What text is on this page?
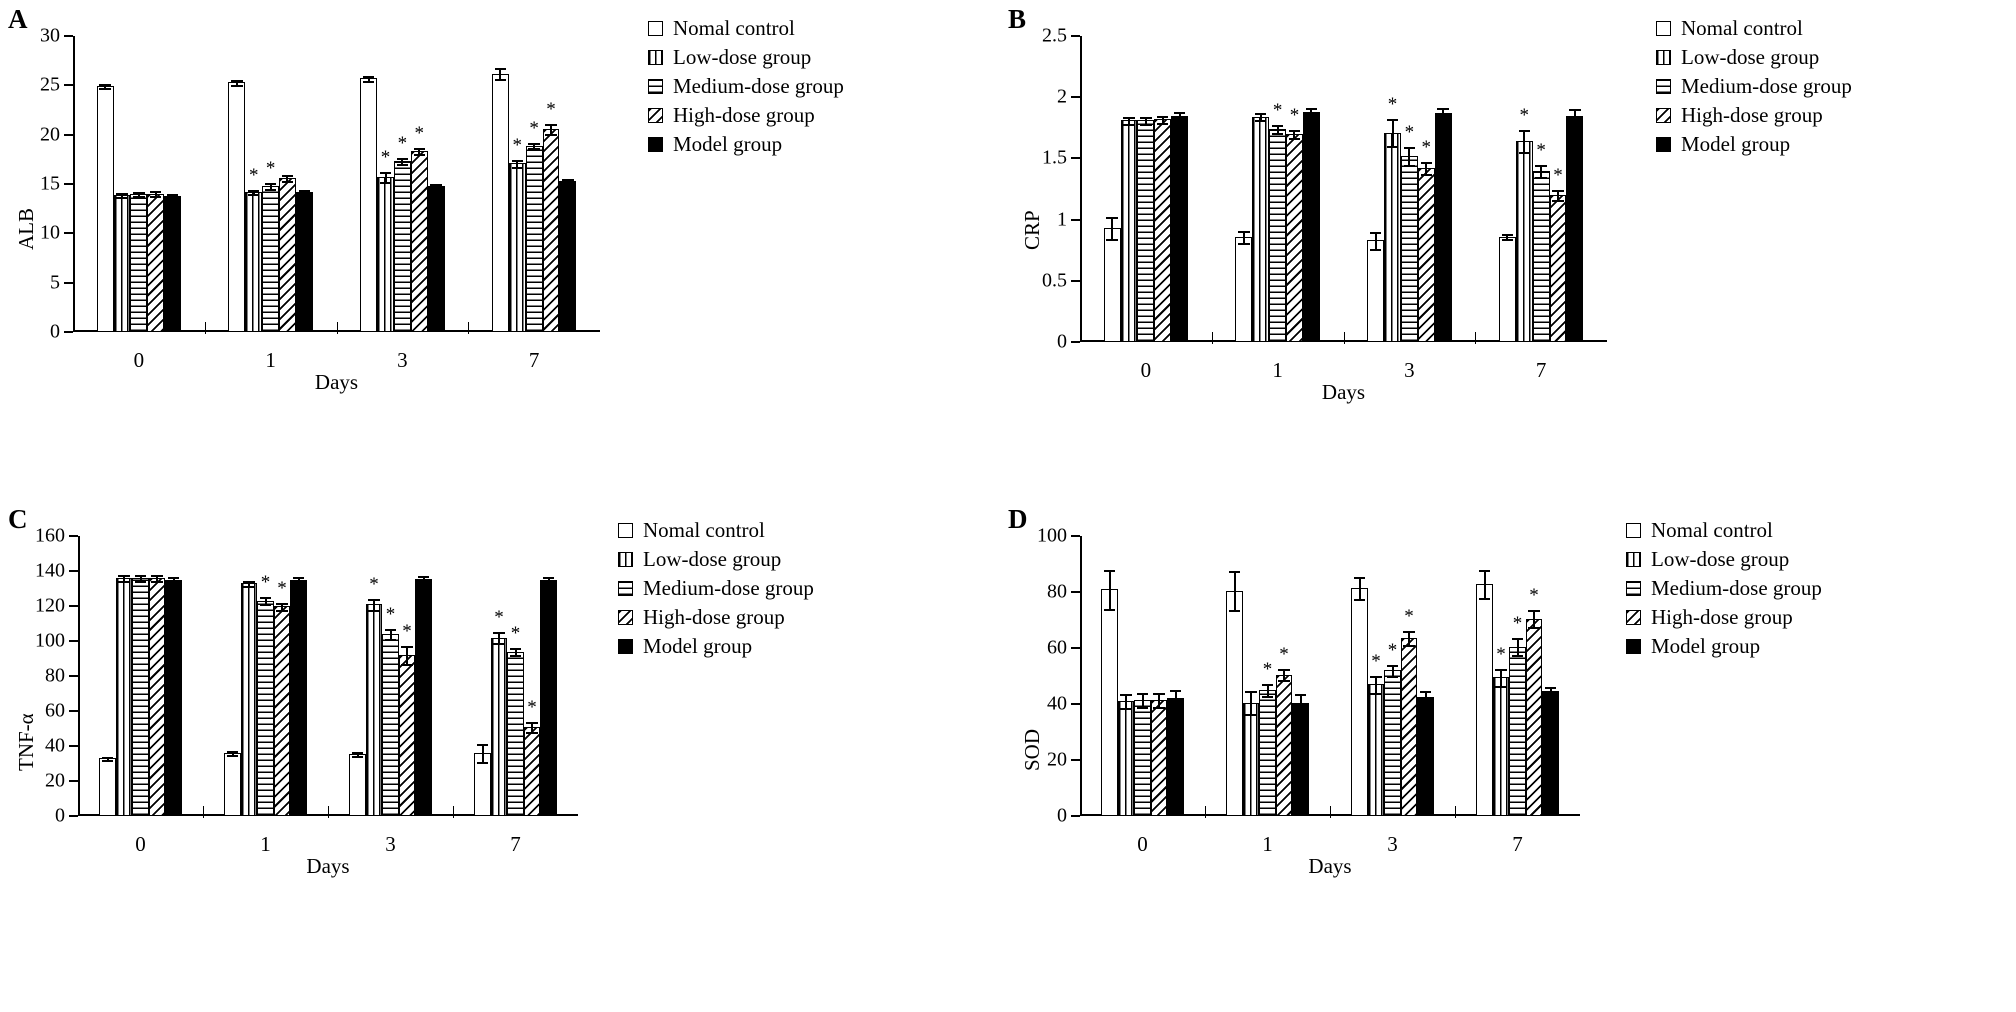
A
ALB
0
5
10
15
20
25
30
0
* *
1
*
* *
3
*
*
*
7
Days
Nomal control
Low-dose group
Medium-dose group
High-dose group
Model group
B
CRP
0
0.5
1
1.5
2
2.5
0
* *
1
*
*
*
3
*
*
*
7
Days
Nomal control
Low-dose group
Medium-dose group
High-dose group
Model group
C
TNF-α
0
20
40
60
80
100
120
140
160
0
* *
1
*
*
*
3
*
*
*
7
Days
Nomal control
Low-dose group
Medium-dose group
High-dose group
Model group
D
SOD
0
20
40
60
80
100
0
*
*
1
*
*
*
3
*
*
*
7
Days
Nomal control
Low-dose group
Medium-dose group
High-dose group
Model group
